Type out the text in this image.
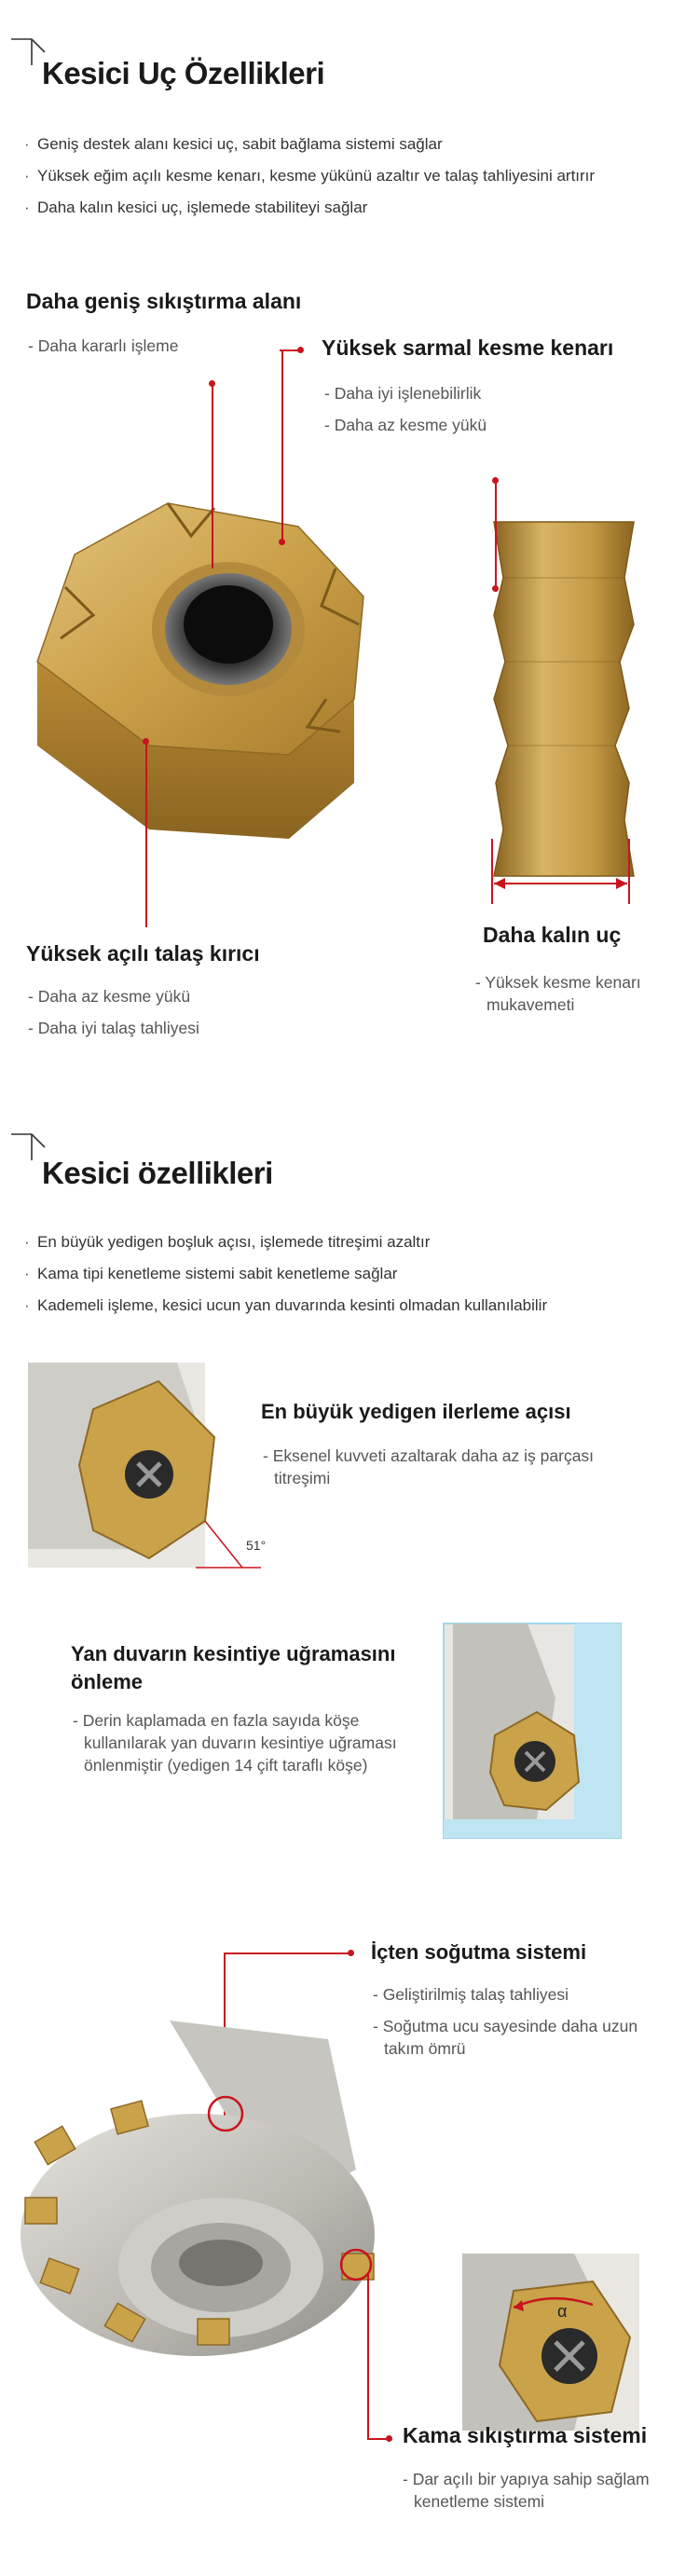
Kesici Uç Özellikleri
· Geniş destek alanı kesici uç, sabit bağlama sistemi sağlar
· Yüksek eğim açılı kesme kenarı, kesme yükünü azaltır ve talaş tahliyesini artırır
· Daha kalın kesici uç, işlemede stabiliteyi sağlar
Daha geniş sıkıştırma alanı
- Daha kararlı işleme	Yüksek sarmal kesme kenarı
- Daha iyi işlenebilirlik
- Daha az kesme yükü
Yüksek açılı talaş kırıcı
- Daha az kesme yükü
- Daha iyi talaş tahliyesi
Daha kalın uç
- Yüksek kesme kenarı
mukavemeti
Kesici özellikleri
· En büyük yedigen boşluk açısı, işlemede titreşimi azaltır
· Kama tipi kenetleme sistemi sabit kenetleme sağlar
· Kademeli işleme, kesici ucun yan duvarında kesinti olmadan kullanılabilir
51°
En büyük yedigen ilerleme açısı
- Eksenel kuvveti azaltarak daha az iş parçası
titreşimi
Yan duvarın kesintiye uğramasını
önleme
- Derin kaplamada en fazla sayıda köşe
kullanılarak yan duvarın kesintiye uğraması
önlenmiştir (yedigen 14 çift taraflı köşe)
İçten soğutma sistemi
- Geliştirilmiş talaş tahliyesi
- Soğutma ucu sayesinde daha uzun
takım ömrü
α
Kama sıkıştırma sistemi
- Dar açılı bir yapıya sahip sağlam
kenetleme sistemi
